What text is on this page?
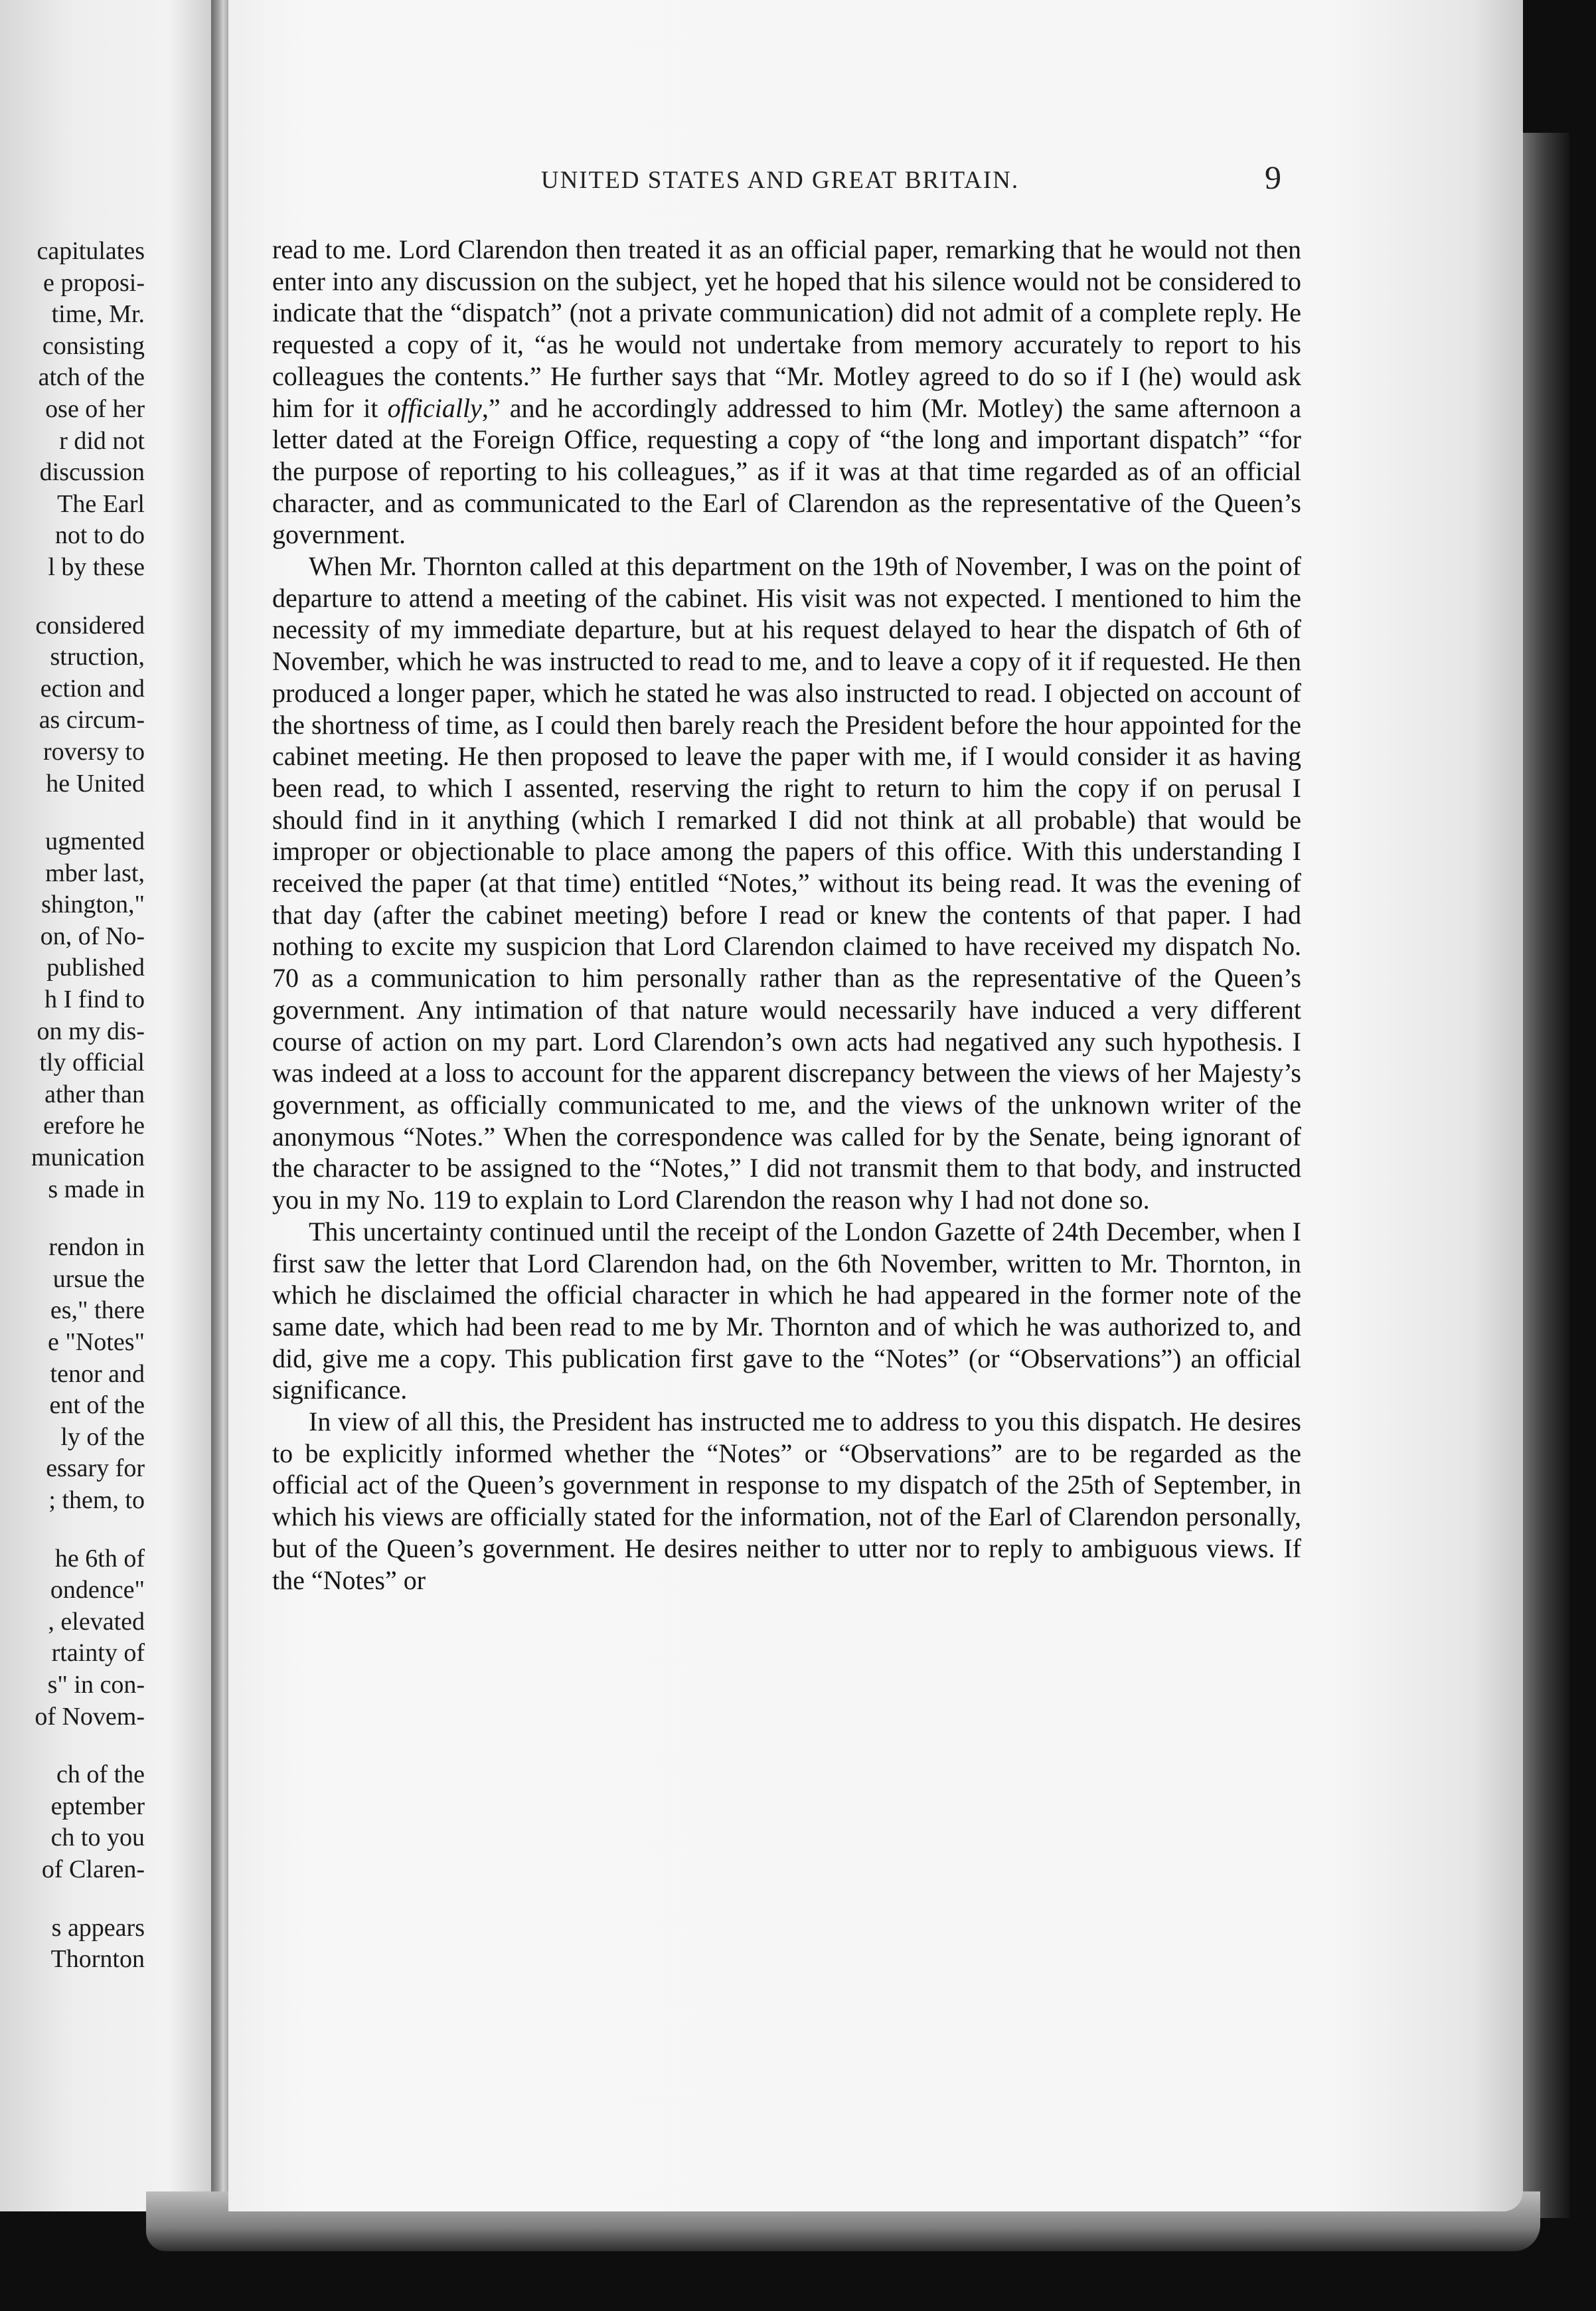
capitulates
e proposi-
time, Mr.
consisting
atch of the
ose of her
r did not
discussion
The Earl
not to do
l by these
considered
struction,
ection and
as circum-
roversy to
he United
ugmented
mber last,
shington,"
on, of No-
published
h I find to
on my dis-
tly official
ather than
erefore he
munication
s made in
rendon in
ursue the
es," there
e "Notes"
tenor and
ent of the
ly of the
essary for
; them, to
he 6th of
ondence"
, elevated
rtainty of
s" in con-
of Novem-
ch of the
eptember
ch to you
of Claren-
s appears
Thornton
UNITED STATES AND GREAT BRITAIN.	9

read to me. Lord Clarendon then treated it as an official paper, remarking that he would not then enter into any discussion on the subject, yet he hoped that his silence would not be considered to indicate that the “dispatch” (not a private communication) did not admit of a complete reply. He requested a copy of it, “as he would not undertake from memory accurately to report to his colleagues the contents.” He further says that “Mr. Motley agreed to do so if I (he) would ask him for it officially,” and he accordingly addressed to him (Mr. Motley) the same afternoon a letter dated at the Foreign Office, requesting a copy of “the long and important dispatch” “for the purpose of reporting to his colleagues,” as if it was at that time regarded as of an official character, and as communicated to the Earl of Clarendon as the representative of the Queen’s government.

When Mr. Thornton called at this department on the 19th of November, I was on the point of departure to attend a meeting of the cabinet. His visit was not expected. I mentioned to him the necessity of my immediate departure, but at his request delayed to hear the dispatch of 6th of November, which he was instructed to read to me, and to leave a copy of it if requested. He then produced a longer paper, which he stated he was also instructed to read. I objected on account of the shortness of time, as I could then barely reach the President before the hour appointed for the cabinet meeting. He then proposed to leave the paper with me, if I would consider it as having been read, to which I assented, reserving the right to return to him the copy if on perusal I should find in it anything (which I remarked I did not think at all probable) that would be improper or objectionable to place among the papers of this office. With this understanding I received the paper (at that time) entitled “Notes,” without its being read. It was the evening of that day (after the cabinet meeting) before I read or knew the contents of that paper. I had nothing to excite my suspicion that Lord Clarendon claimed to have received my dispatch No. 70 as a communication to him personally rather than as the representative of the Queen’s government. Any intimation of that nature would necessarily have induced a very different course of action on my part. Lord Clarendon’s own acts had negatived any such hypothesis. I was indeed at a loss to account for the apparent discrepancy between the views of her Majesty’s government, as officially communicated to me, and the views of the unknown writer of the anonymous “Notes.” When the correspondence was called for by the Senate, being ignorant of the character to be assigned to the “Notes,” I did not transmit them to that body, and instructed you in my No. 119 to explain to Lord Clarendon the reason why I had not done so.

This uncertainty continued until the receipt of the London Gazette of 24th December, when I first saw the letter that Lord Clarendon had, on the 6th November, written to Mr. Thornton, in which he disclaimed the official character in which he had appeared in the former note of the same date, which had been read to me by Mr. Thornton and of which he was authorized to, and did, give me a copy. This publication first gave to the “Notes” (or “Observations”) an official significance.

In view of all this, the President has instructed me to address to you this dispatch. He desires to be explicitly informed whether the “Notes” or “Observations” are to be regarded as the official act of the Queen’s government in response to my dispatch of the 25th of September, in which his views are officially stated for the information, not of the Earl of Clarendon personally, but of the Queen’s government. He desires neither to utter nor to reply to ambiguous views. If the “Notes” or
